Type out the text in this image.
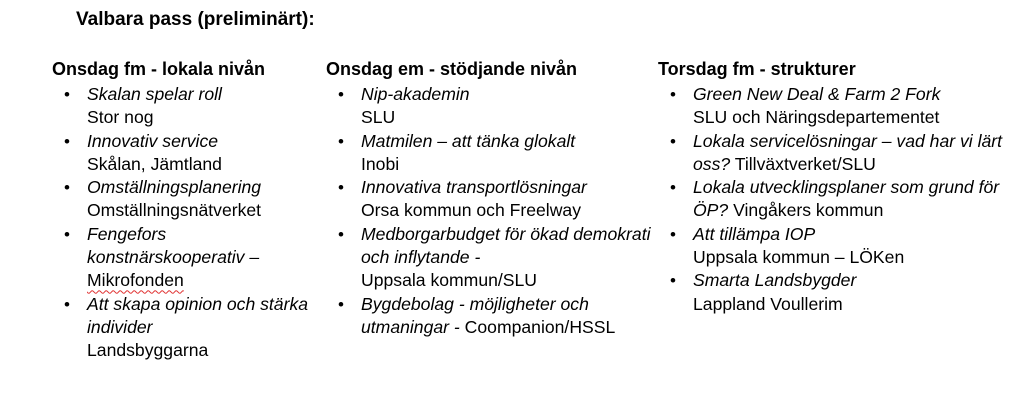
Valbara pass (preliminärt):
Onsdag fm - lokala nivån
• Skalan spelar roll
Stor nog
• Innovativ service
Skålan, Jämtland
• Omställningsplanering
Omställningsnätverket
• Fengefors konstnärskooperativ –
Mikrofonden
• Att skapa opinion och stärka individer
Landsbyggarna
Onsdag em - stödjande nivån
• Nip-akademin
SLU
• Matmilen – att tänka glokalt
Inobi
• Innovativa transportlösningar
Orsa kommun och Freelway
• Medborgarbudget för ökad demokrati och inflytande -
Uppsala kommun/SLU
• Bygdebolag - möjligheter och utmaningar - Coompanion/HSSL
Torsdag fm - strukturer
• Green New Deal & Farm 2 Fork
SLU och Näringsdepartementet
• Lokala servicelösningar – vad har vi lärt oss? Tillväxtverket/SLU
• Lokala utvecklingsplaner som grund för ÖP? Vingåkers kommun
• Att tillämpa IOP
Uppsala kommun – LÖKen
• Smarta Landsbygder
Lappland Voullerim
